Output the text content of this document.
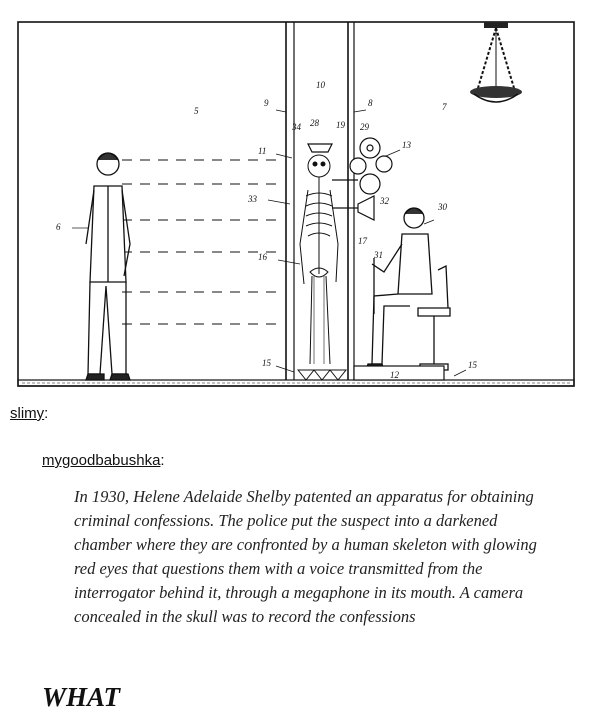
10
5
9	8	7
34 28 19 29
13
11
33	32
30
6
16
17
31
15
12
15
slimy:
mygoodbabushka:

In 1930, Helene Adelaide Shelby patented an apparatus for obtaining criminal confessions. The police put the suspect into a darkened chamber where they are confronted by a human skeleton with glowing red eyes that questions them with a voice transmitted from the interrogator behind it, through a megaphone in its mouth. A camera concealed in the skull was to record the confessions

WHAT
